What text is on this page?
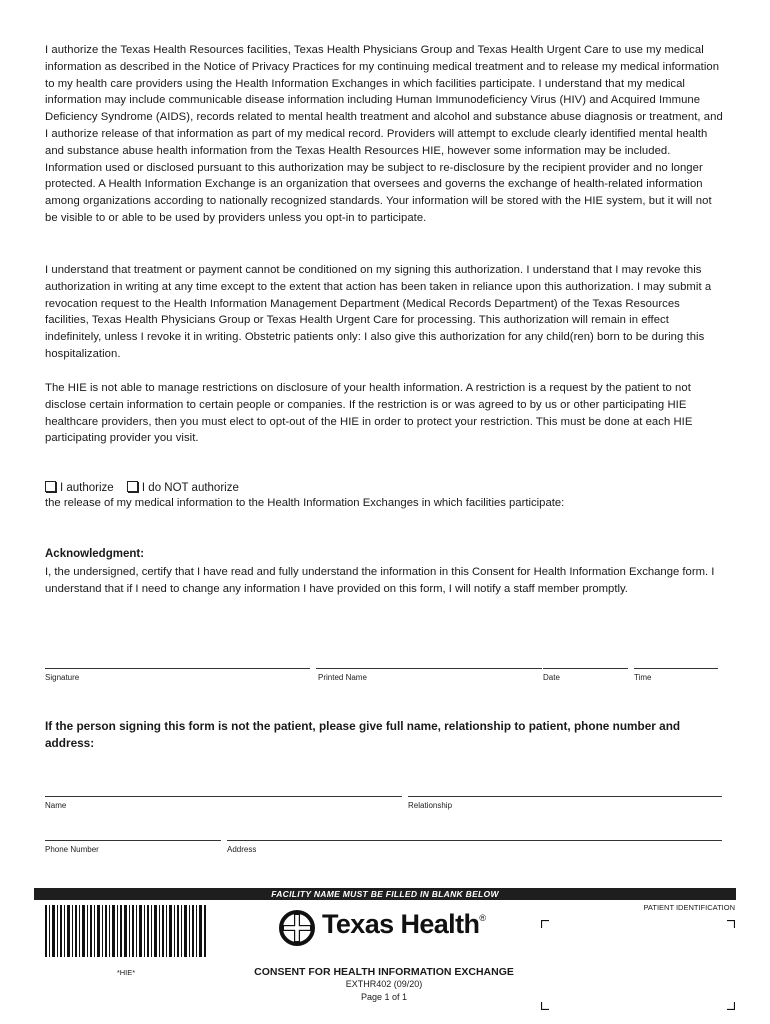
I authorize the Texas Health Resources facilities, Texas Health Physicians Group and Texas Health Urgent Care to use my medical information as described in the Notice of Privacy Practices for my continuing medical treatment and to release my medical information to my health care providers using the Health Information Exchanges in which facilities participate. I understand that my medical information may include communicable disease information including Human Immunodeficiency Virus (HIV) and Acquired Immune Deficiency Syndrome (AIDS), records related to mental health treatment and alcohol and substance abuse diagnosis or treatment, and I authorize release of that information as part of my medical record. Providers will attempt to exclude clearly identified mental health and substance abuse health information from the Texas Health Resources HIE, however some information may be included. Information used or disclosed pursuant to this authorization may be subject to re-disclosure by the recipient provider and no longer protected. A Health Information Exchange is an organization that oversees and governs the exchange of health-related information among organizations according to nationally recognized standards. Your information will be stored with the HIE system, but it will not be visible to or able to be used by providers unless you opt-in to participate.

I understand that treatment or payment cannot be conditioned on my signing this authorization. I understand that I may revoke this authorization in writing at any time except to the extent that action has been taken in reliance upon this authorization. I may submit a revocation request to the Health Information Management Department (Medical Records Department) of the Texas Resources facilities, Texas Health Physicians Group or Texas Health Urgent Care for processing. This authorization will remain in effect indefinitely, unless I revoke it in writing. Obstetric patients only: I also give this authorization for any child(ren) born to be during this hospitalization.

The HIE is not able to manage restrictions on disclosure of your health information. A restriction is a request by the patient to not disclose certain information to certain people or companies. If the restriction is or was agreed to by us or other participating HIE healthcare providers, then you must elect to opt-out of the HIE in order to protect your restriction. This must be done at each HIE participating provider you visit.

I authorize I do NOT authorize
the release of my medical information to the Health Information Exchanges in which facilities participate:
Acknowledgment:

I, the undersigned, certify that I have read and fully understand the information in this Consent for Health Information Exchange form. I understand that if I need to change any information I have provided on this form, I will notify a staff member promptly.

Signature	Printed Name	Date	Time

If the person signing this form is not the patient, please give full name, relationship to patient, phone number and address:

Name	Relationship
Phone Number	Address
FACILITY NAME MUST BE FILLED IN BLANK BELOW
*HIE*
Texas Health®
CONSENT FOR HEALTH INFORMATION EXCHANGE
EXTHR402 (09/20)
Page 1 of 1
PATIENT IDENTIFICATION
